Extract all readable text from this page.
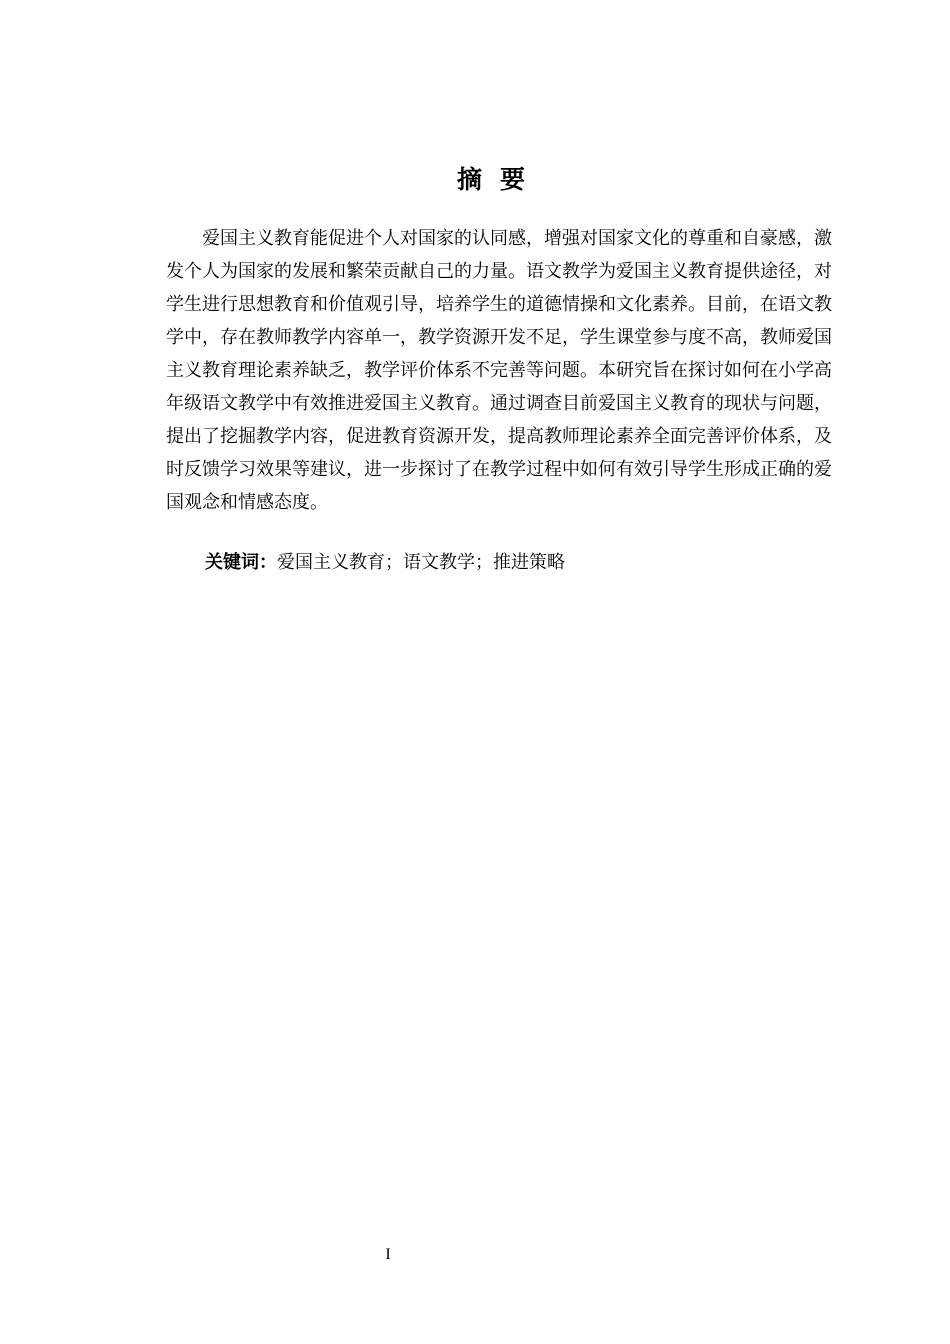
摘要

爱国主义教育能促进个人对国家的认同感，增强对国家文化的尊重和自豪感，激发个人为国家的发展和繁荣贡献自己的力量。语文教学为爱国主义教育提供途径，对学生进行思想教育和价值观引导，培养学生的道德情操和文化素养。目前，在语文教学中，存在教师教学内容单一，教学资源开发不足，学生课堂参与度不高，教师爱国主义教育理论素养缺乏，教学评价体系不完善等问题。本研究旨在探讨如何在小学高年级语文教学中有效推进爱国主义教育。通过调查目前爱国主义教育的现状与问题，提出了挖掘教学内容，促进教育资源开发，提高教师理论素养全面完善评价体系，及时反馈学习效果等建议，进一步探讨了在教学过程中如何有效引导学生形成正确的爱国观念和情感态度。

关键词：爱国主义教育；语文教学；推进策略

I
